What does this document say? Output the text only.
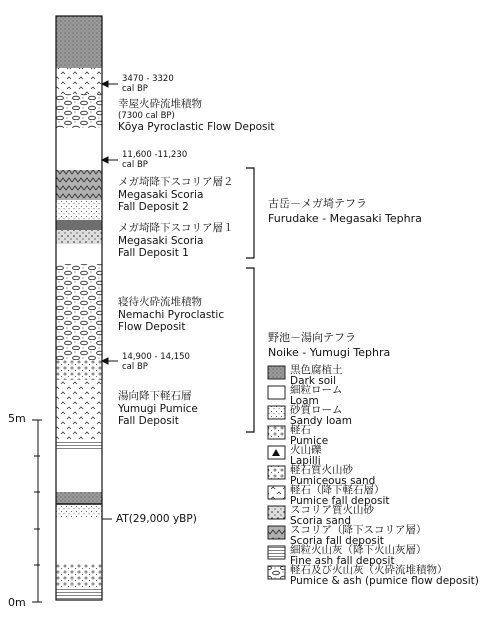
幸屋火砕流堆積物
(7300 cal BP)
Kōya Pyroclastic Flow Deposit
メガ埼降下スコリア層２
Megasaki Scoria
Fall Deposit 2
メガ埼降下スコリア層１
Megasaki Scoria
Fall Deposit 1
寝待火砕流堆積物
Nemachi Pyroclastic
Flow Deposit
湯向降下軽石層
Yumugi Pumice
Fall Deposit
3470 - 3320
cal BP
11,600 -11,230
cal BP
14,900 - 14,150
cal BP
AT(29,000 yBP)
古岳－メガ埼テフラ
Furudake - Megasaki Tephra
野池－湯向テフラ
Noike - Yumugi Tephra
5m
0m
黒色腐植土
Dark soil
細粒ローム
Loam
砂質ローム
Sandy loam
軽石
Pumice
火山礫
Lapilli
軽石質火山砂
Pumiceous sand
軽石（降下軽石層）
Pumice fall deposit
スコリア質火山砂
Scoria sand
スコリア（降下スコリア層）
Scoria fall deposit
細粒火山灰（降下火山灰層）
Fine ash fall deposit
軽石及び火山灰（火砕流堆積物）
Pumice & ash (pumice flow deposit)
